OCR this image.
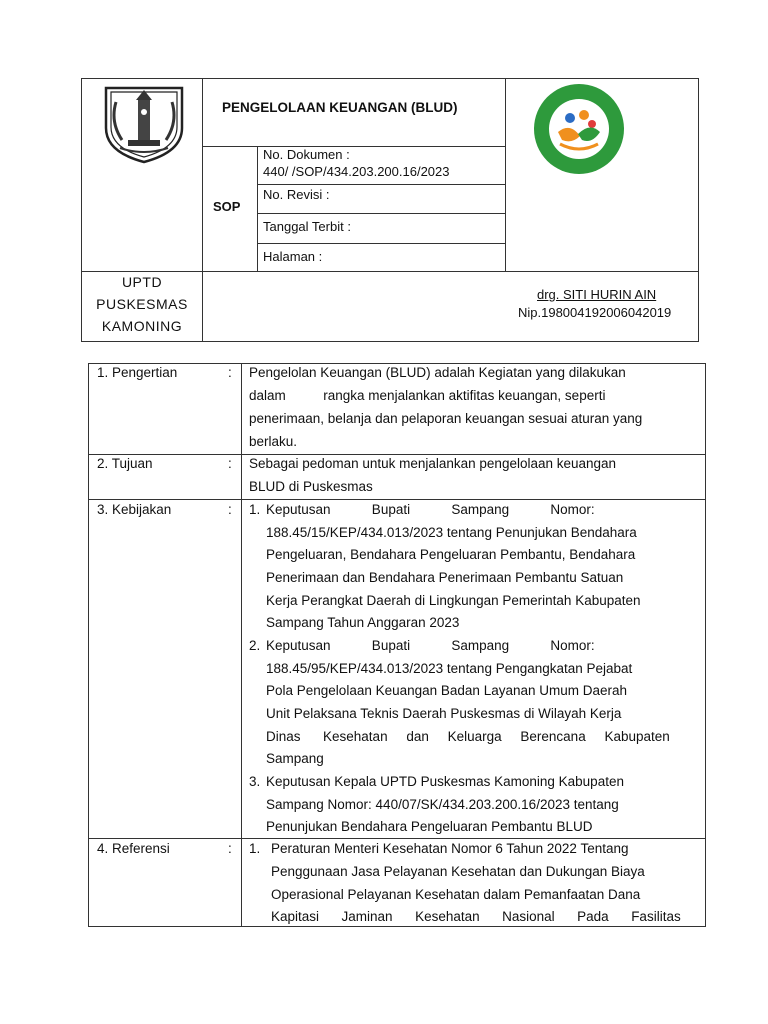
PENGELOLAAN KEUANGAN (BLUD)
SOP
No. Dokumen :
440/ /SOP/434.203.200.16/2023
No. Revisi :
Tanggal Terbit :
Halaman :
UPTD
PUSKESMAS
KAMONING
drg. SITI HURIN AIN
Nip.198004192006042019
1. Pengertian	: Pengelolan Keuangan (BLUD) adalah Kegiatan yang dilakukan
dalam          rangka menjalankan aktifitas keuangan, seperti
penerimaan, belanja dan pelaporan keuangan sesuai aturan yang
berlaku.
2. Tujuan	: Sebagai pedoman untuk menjalankan pengelolaan keuangan
BLUD di Puskesmas
3. Kebijakan	: 1. Keputusan           Bupati           Sampang           Nomor:
188.45/15/KEP/434.013/2023 tentang Penunjukan Bendahara
Pengeluaran, Bendahara Pengeluaran Pembantu, Bendahara
Penerimaan dan Bendahara Penerimaan Pembantu Satuan
Kerja Perangkat Daerah di Lingkungan Pemerintah Kabupaten
Sampang Tahun Anggaran 2023
2. Keputusan           Bupati           Sampang           Nomor:
188.45/95/KEP/434.013/2023 tentang Pengangkatan Pejabat
Pola Pengelolaan Keuangan Badan Layanan Umum Daerah
Unit Pelaksana Teknis Daerah Puskesmas di Wilayah Kerja
Dinas      Kesehatan     dan     Keluarga     Berencana     Kabupaten
Sampang
3. Keputusan Kepala UPTD Puskesmas Kamoning Kabupaten
Sampang Nomor: 440/07/SK/434.203.200.16/2023 tentang
Penunjukan Bendahara Pengeluaran Pembantu BLUD
4. Referensi	: 1. Peraturan Menteri Kesehatan Nomor 6 Tahun 2022 Tentang
Penggunaan Jasa Pelayanan Kesehatan dan Dukungan Biaya
Operasional Pelayanan Kesehatan dalam Pemanfaatan Dana
Kapitasi      Jaminan      Kesehatan      Nasional      Pada      Fasilitas
